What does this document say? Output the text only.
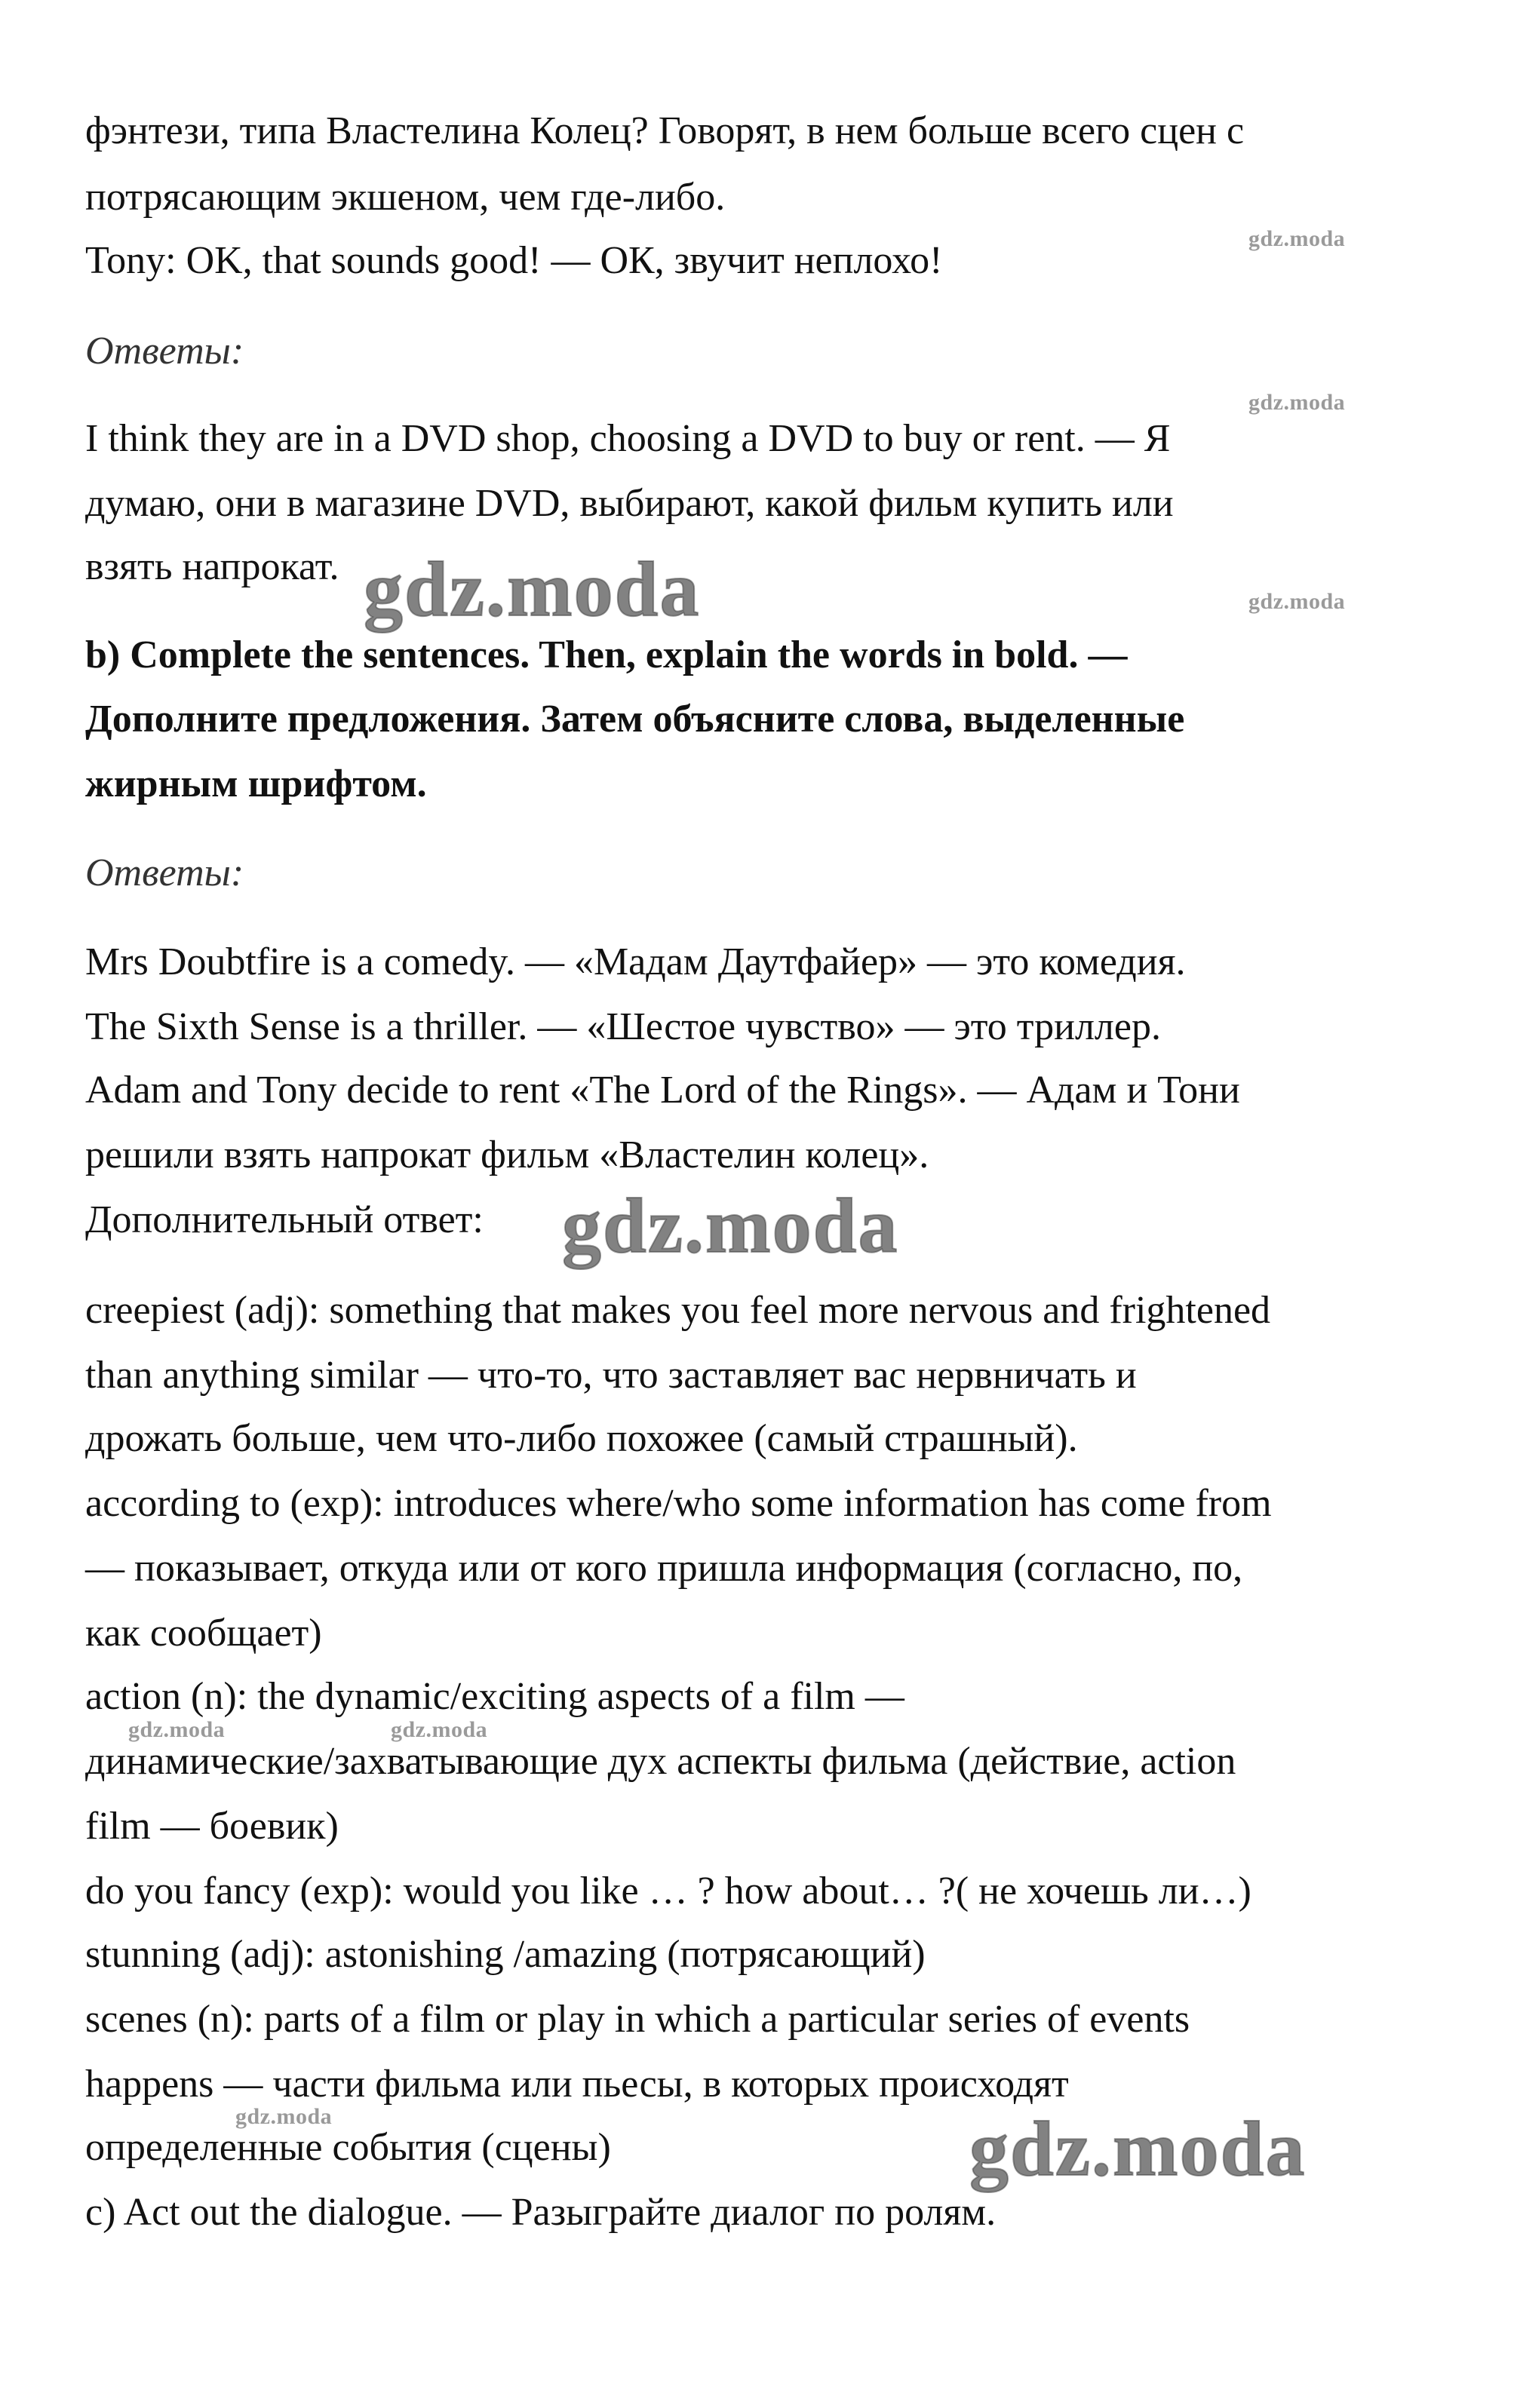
фэнтези, типа Властелина Колец? Говорят, в нем больше всего сцен с
потрясающим экшеном, чем где-либо.
Tony: OK, that sounds good! — ОК, звучит неплохо!
Ответы:
I think they are in a DVD shop, choosing a DVD to buy or rent. — Я
думаю, они в магазине DVD, выбирают, какой фильм купить или
взять напрокат.
b) Complete the sentences. Then, explain the words in bold. —
Дополните предложения. Затем объясните слова, выделенные
жирным шрифтом.
Ответы:
Mrs Doubtfire is a comedy. — «Мадам Даутфайер» — это комедия.
The Sixth Sense is a thriller. — «Шестое чувство» — это триллер.
Adam and Tony decide to rent «The Lord of the Rings». — Адам и Тони
решили взять напрокат фильм «Властелин колец».
Дополнительный ответ:
creepiest (adj): something that makes you feel more nervous and frightened
than anything similar — что-то, что заставляет вас нервничать и
дрожать больше, чем что-либо похожее (самый страшный).
according to (exp): introduces where/who some information has come from
— показывает, откуда или от кого пришла информация (согласно, по,
как сообщает)
action (n): the dynamic/exciting aspects of a film —
динамические/захватывающие дух аспекты фильма (действие, action
film — боевик)
do you fancy (exp): would you like … ? how about… ?( не хочешь ли…)
stunning (adj): astonishing /amazing (потрясающий)
scenes (n): parts of a film or play in which a particular series of events
happens — части фильма или пьесы, в которых происходят
определенные события (сцены)
c) Act out the dialogue. — Разыграйте диалог по ролям.
gdz.moda
gdz.moda
gdz.moda
gdz.moda	gdz.moda
gdz.moda
gdz.moda
gdz.moda
gdz.moda
